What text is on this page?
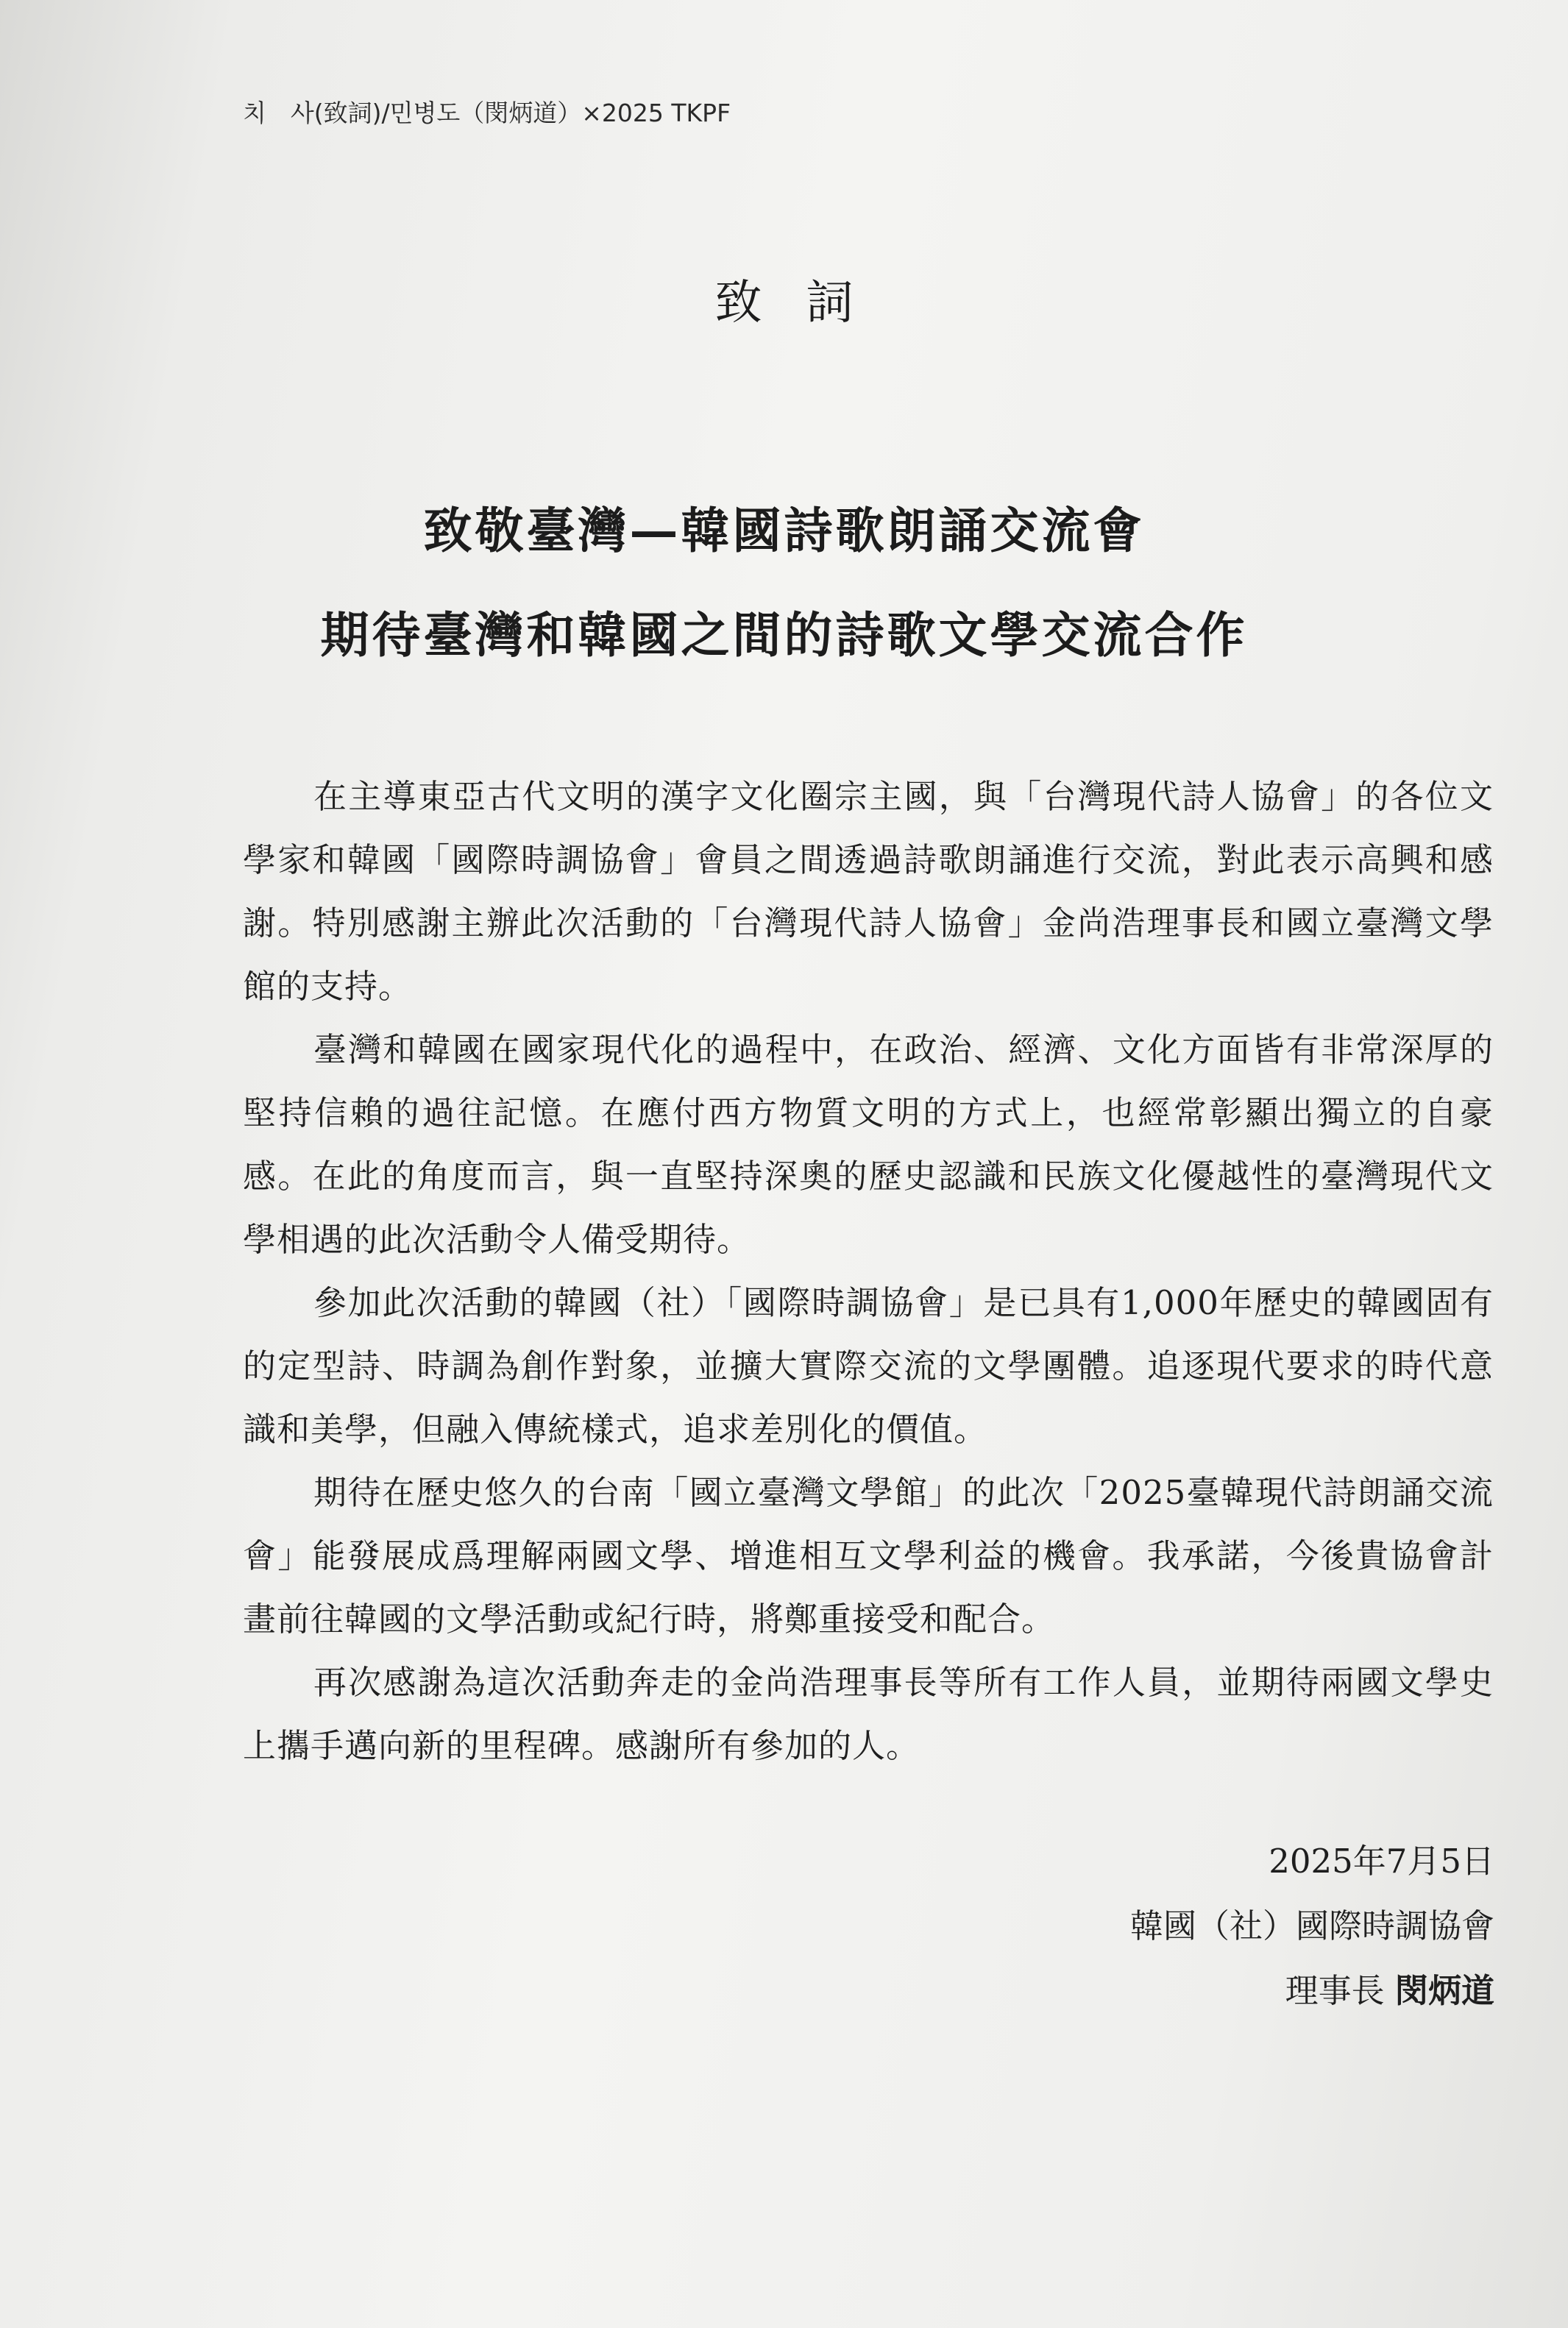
치　사(致詞)/민병도（閔炳道）×2025 TKPF
致詞
致敬臺灣—韓國詩歌朗誦交流會
期待臺灣和韓國之間的詩歌文學交流合作

在主導東亞古代文明的漢字文化圈宗主國，與「台灣現代詩人協會」的各位文學家和韓國「國際時調協會」會員之間透過詩歌朗誦進行交流，對此表示高興和感謝。特別感謝主辦此次活動的「台灣現代詩人協會」金尚浩理事長和國立臺灣文學館的支持。

臺灣和韓國在國家現代化的過程中，在政治、經濟、文化方面皆有非常深厚的堅持信賴的過往記憶。在應付西方物質文明的方式上，也經常彰顯出獨立的自豪感。在此的角度而言，與一直堅持深奧的歷史認識和民族文化優越性的臺灣現代文學相遇的此次活動令人備受期待。

參加此次活動的韓國（社）「國際時調協會」是已具有1,000年歷史的韓國固有的定型詩、時調為創作對象，並擴大實際交流的文學團體。追逐現代要求的時代意識和美學，但融入傳統樣式，追求差別化的價值。

期待在歷史悠久的台南「國立臺灣文學館」的此次「2025臺韓現代詩朗誦交流會」能發展成爲理解兩國文學、增進相互文學利益的機會。我承諾，今後貴協會計畫前往韓國的文學活動或紀行時，將鄭重接受和配合。

再次感謝為這次活動奔走的金尚浩理事長等所有工作人員，並期待兩國文學史上攜手邁向新的里程碑。感謝所有參加的人。

2025年7月5日
韓國（社）國際時調協會
理事長 閔炳道
